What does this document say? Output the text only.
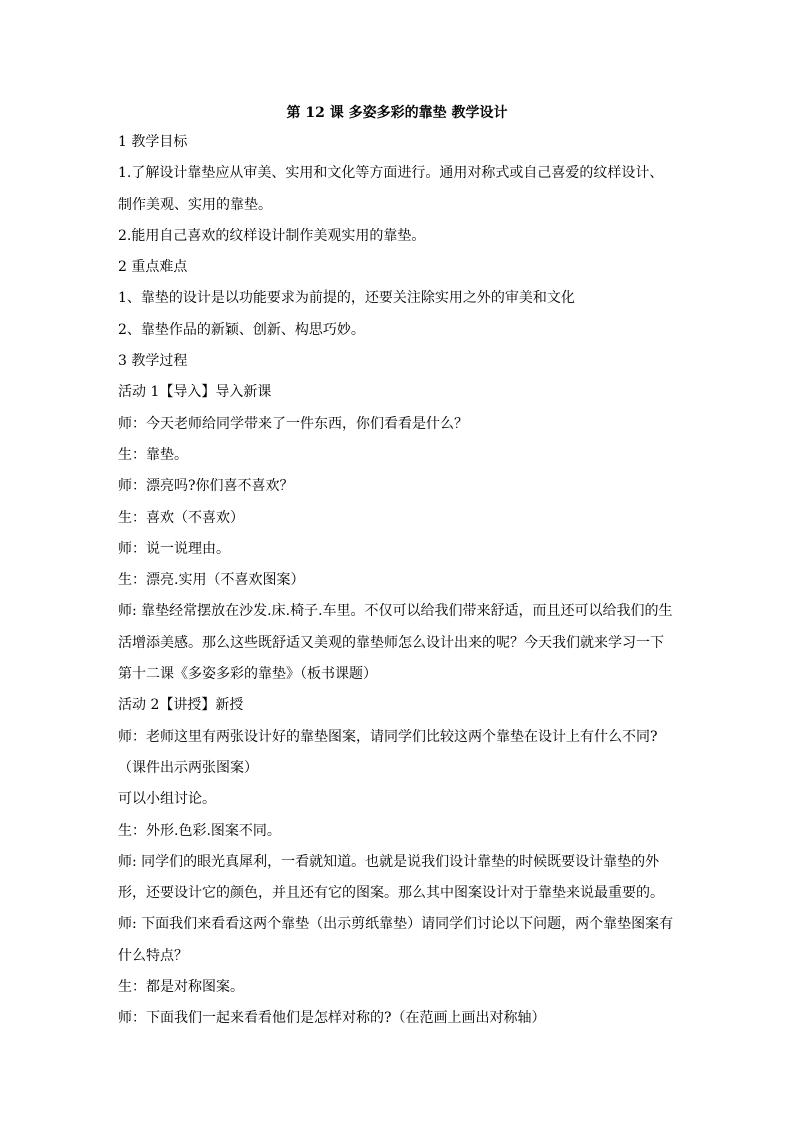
第 12 课 多姿多彩的靠垫 教学设计

1 教学目标

1.了解设计靠垫应从审美、实用和文化等方面进行。通用对称式或自己喜爱的纹样设计、制作美观、实用的靠垫。

2.能用自己喜欢的纹样设计制作美观实用的靠垫。

2 重点难点

1、靠垫的设计是以功能要求为前提的，还要关注除实用之外的审美和文化

2、靠垫作品的新颖、创新、构思巧妙。

3 教学过程

活动 1【导入】导入新课

师：今天老师给同学带来了一件东西，你们看看是什么？

生：靠垫。

师：漂亮吗?你们喜不喜欢？

生：喜欢（不喜欢）

师：说一说理由。

生：漂亮.实用（不喜欢图案）

师: 靠垫经常摆放在沙发.床.椅子.车里。不仅可以给我们带来舒适，而且还可以给我们的生活增添美感。那么这些既舒适又美观的靠垫师怎么设计出来的呢？今天我们就来学习一下第十二课《多姿多彩的靠垫》（板书课题）

活动 2【讲授】新授

师：老师这里有两张设计好的靠垫图案，请同学们比较这两个靠垫在设计上有什么不同?（课件出示两张图案）

可以小组讨论。

生：外形.色彩.图案不同。

师: 同学们的眼光真犀利，一看就知道。也就是说我们设计靠垫的时候既要设计靠垫的外形，还要设计它的颜色，并且还有它的图案。那么其中图案设计对于靠垫来说最重要的。

师: 下面我们来看看这两个靠垫（出示剪纸靠垫）请同学们讨论以下问题，两个靠垫图案有什么特点？

生：都是对称图案。

师：下面我们一起来看看他们是怎样对称的?（在范画上画出对称轴）
